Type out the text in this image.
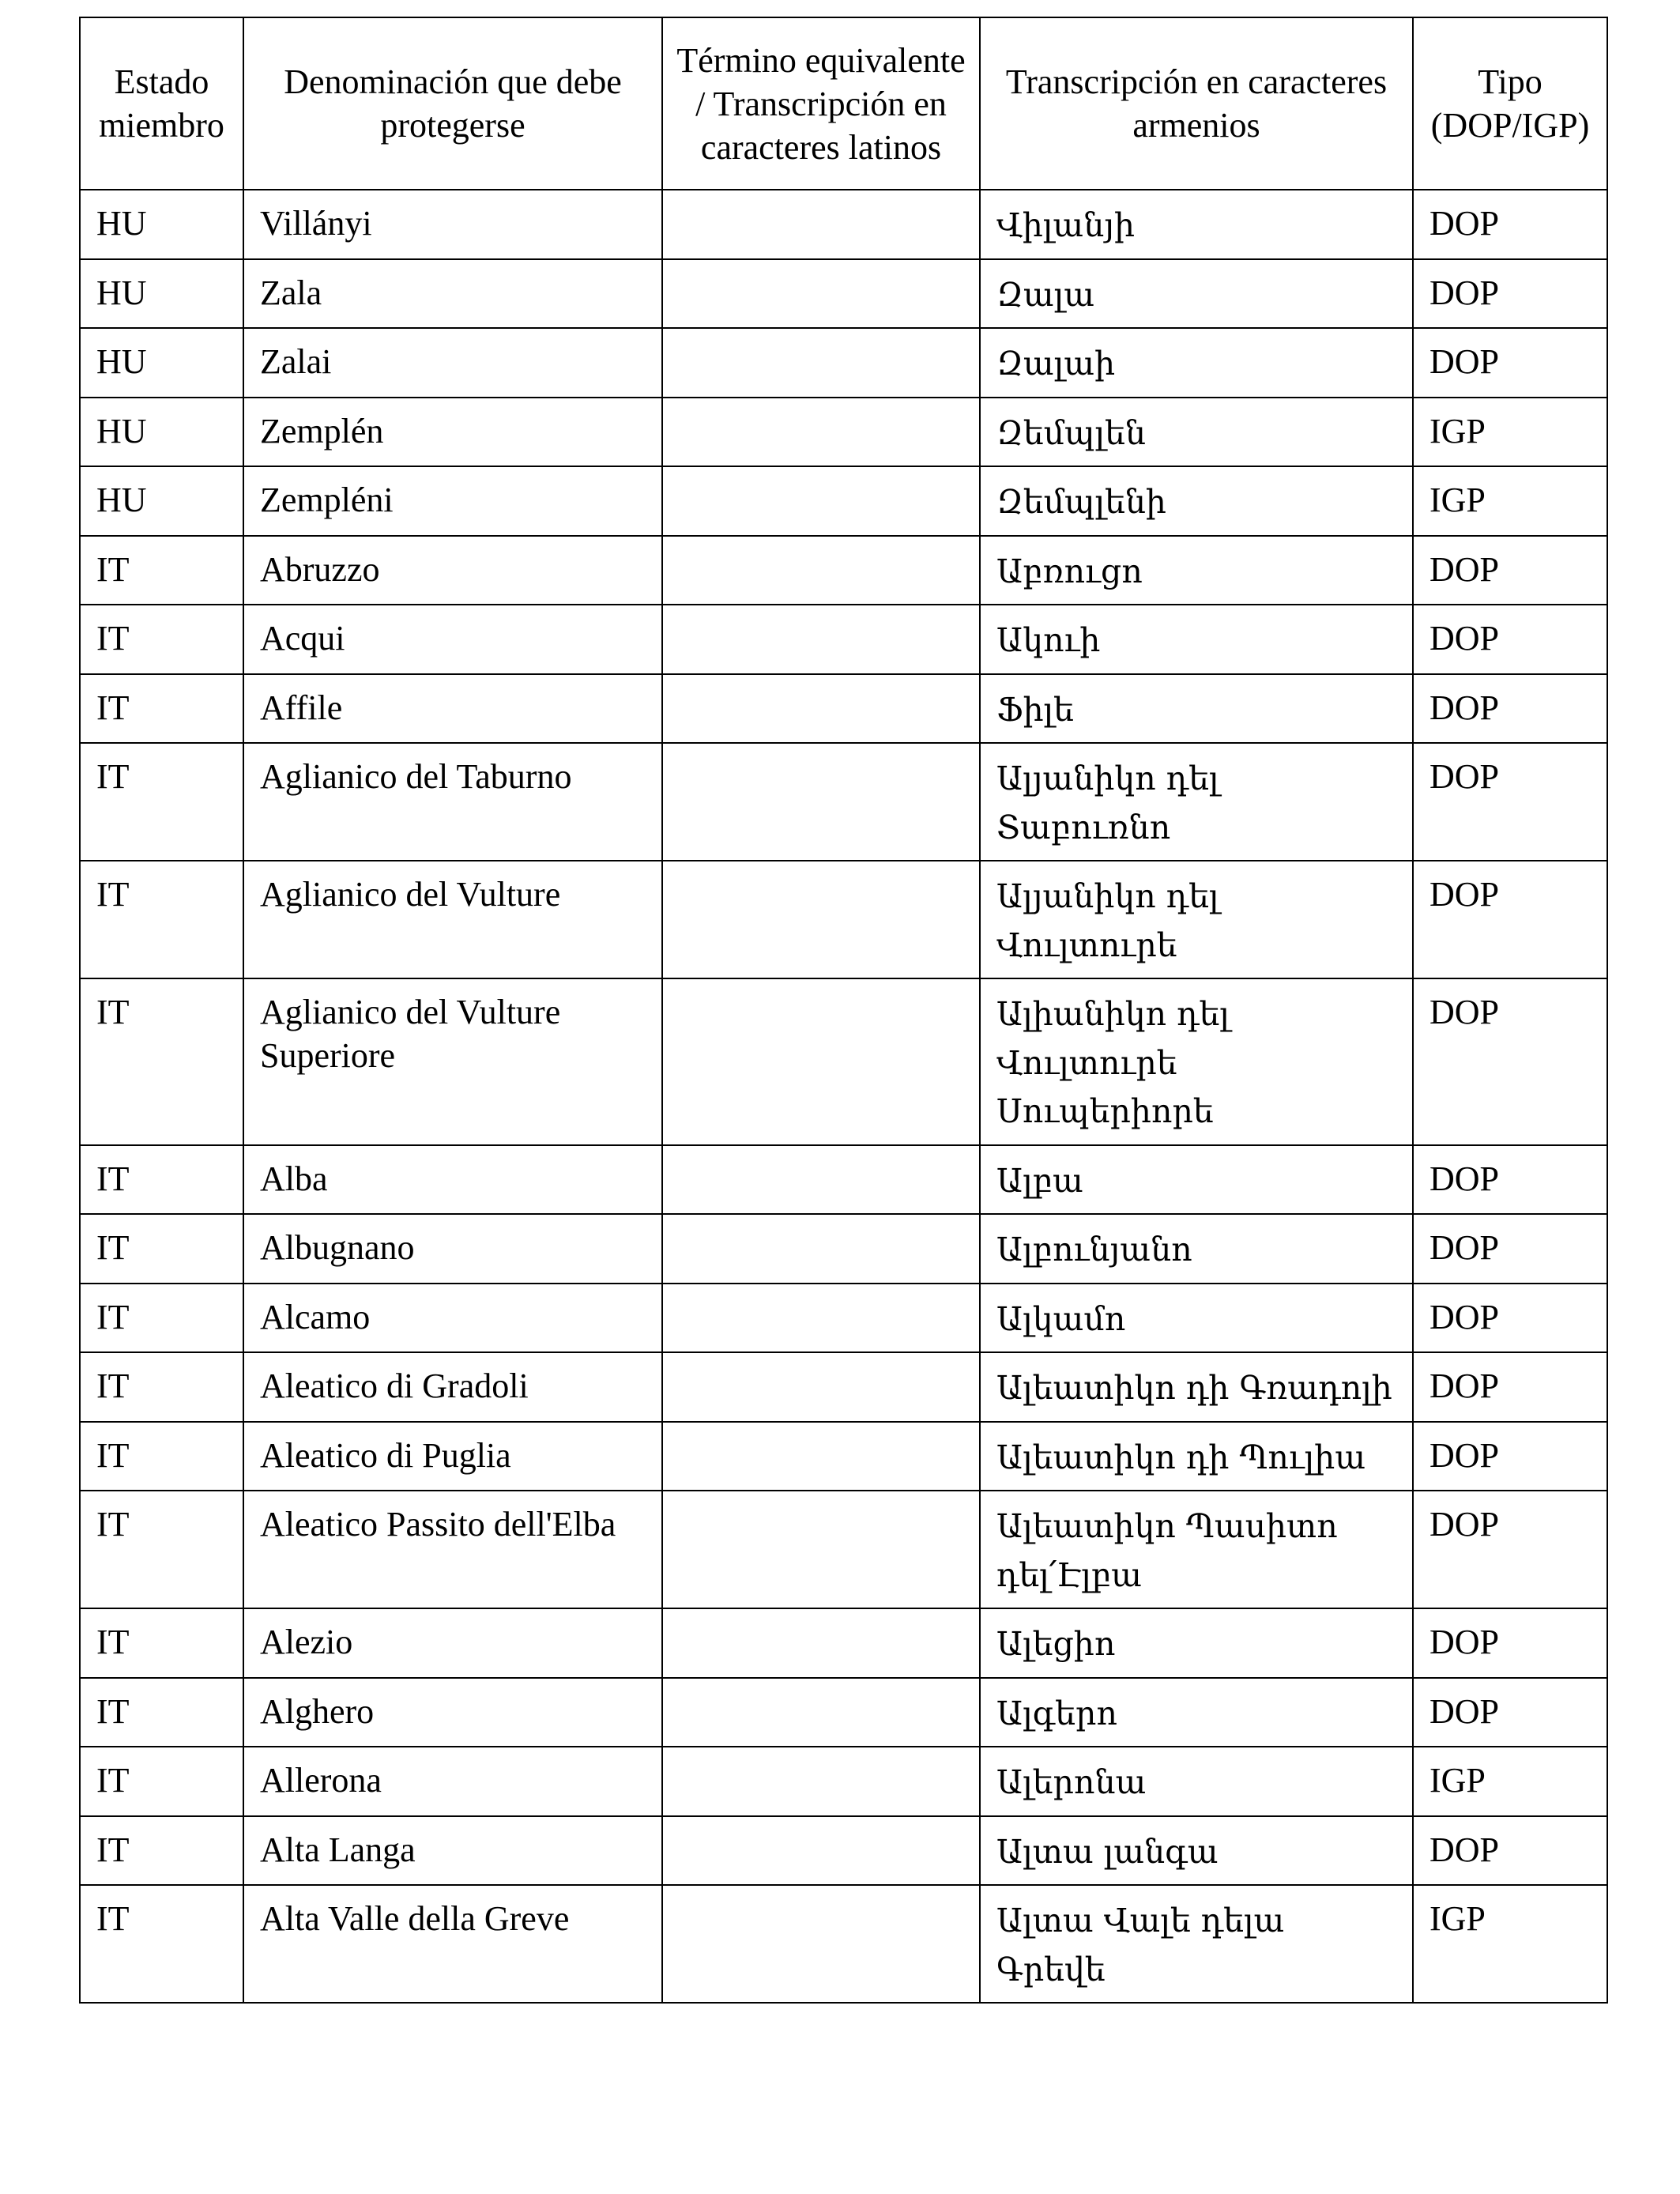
Estado miembro	Denominación que debe protegerse	Término equivalente / Transcripción en caracteres latinos	Transcripción en caracteres armenios	Tipo (DOP/IGP)
HU	Villányi		Վիլանյի	DOP
HU	Zala		Զալա	DOP
HU	Zalai		Զալաի	DOP
HU	Zemplén		Զեմպլեն	IGP
HU	Zempléni		Զեմպլենի	IGP
IT	Abruzzo		Աբռուցո	DOP
IT	Acqui		Ակուի	DOP
IT	Affile		Ֆիլե	DOP
IT	Aglianico del Taburno		Ալյանիկո դել Տաբուռնո	DOP
IT	Aglianico del Vulture		Ալյանիկո դել Վուլտուրե	DOP
IT	Aglianico del Vulture Superiore		Ալիանիկո դել Վուլտուրե Սուպերիորե	DOP
IT	Alba		Ալբա	DOP
IT	Albugnano		Ալբունյանո	DOP
IT	Alcamo		Ալկամո	DOP
IT	Aleatico di Gradoli		Ալեատիկո դի Գռադոլի	DOP
IT	Aleatico di Puglia		Ալեատիկո դի Պուլիա	DOP
IT	Aleatico Passito dell'Elba		Ալեատիկո Պասիտո դել՛Էլբա	DOP
IT	Alezio		Ալեցիո	DOP
IT	Alghero		Ալգերո	DOP
IT	Allerona		Ալերոնա	IGP
IT	Alta Langa		Ալտա լանգա	DOP
IT	Alta Valle della Greve		Ալտա Վալե դելա Գրեվե	IGP
